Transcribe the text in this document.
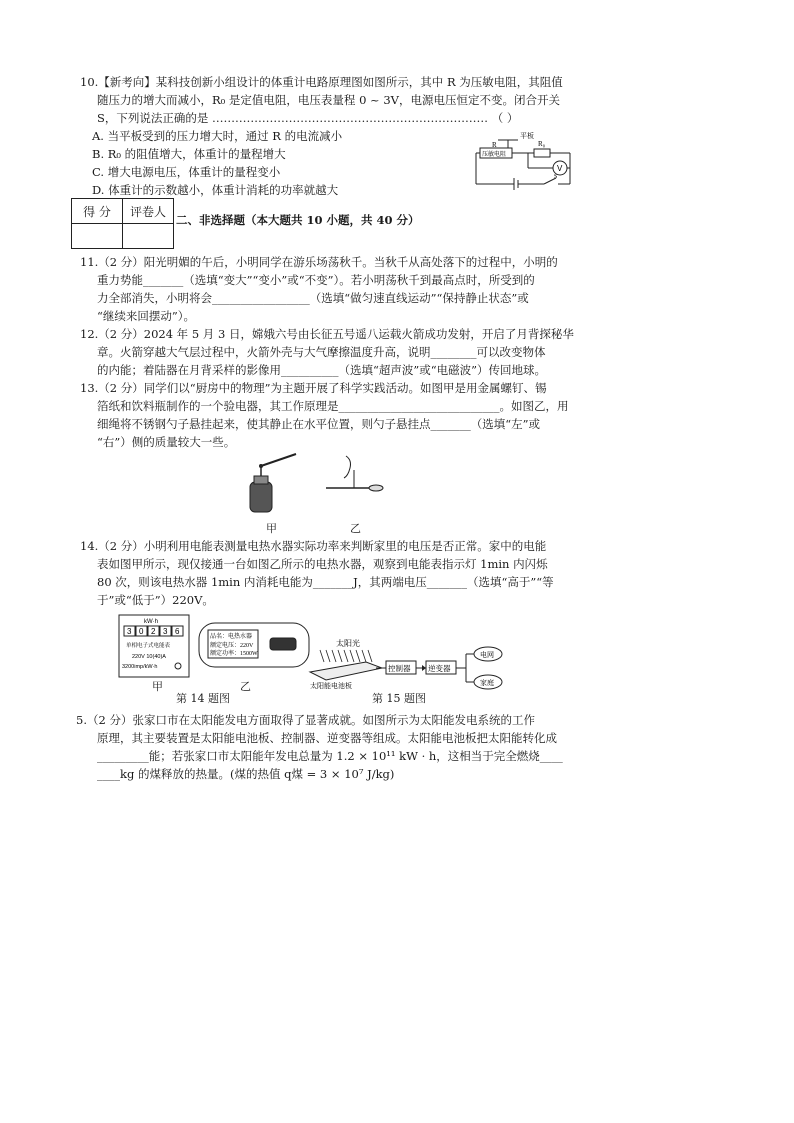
10.【新考向】某科技创新小组设计的体重计电路原理图如图所示，其中 R 为压敏电阻，其阻值
随压力的增大而减小，R₀ 是定值电阻，电压表量程 0 ~ 3V，电源电压恒定不变。闭合开关
S，下列说法正确的是 ……………………………………………………………… （ ）
A. 当平板受到的压力增大时，通过 R 的电流减小
B. R₀ 的阻值增大，体重计的量程增大
C. 增大电源电压，体重计的量程变小
D. 体重计的示数越小，体重计消耗的功率就越大
平板
R₀
R
压敏电阻
V
S
得 分	评卷人

二、非选择题（本大题共 10 小题，共 40 分）
11.（2 分）阳光明媚的午后，小明同学在游乐场荡秋千。当秋千从高处落下的过程中，小明的
重力势能_______（选填“变大”“变小”或“不变”）。若小明荡秋千到最高点时，所受到的
力全部消失，小明将会_________________（选填“做匀速直线运动”“保持静止状态”或
“继续来回摆动”）。
12.（2 分）2024 年 5 月 3 日，嫦娥六号由长征五号遥八运载火箭成功发射，开启了月背探秘华
章。火箭穿越大气层过程中，火箭外壳与大气摩擦温度升高，说明________可以改变物体
的内能；着陆器在月背采样的影像用__________（选填“超声波”或“电磁波”）传回地球。
13.（2 分）同学们以“厨房中的物理”为主题开展了科学实践活动。如图甲是用金属螺钉、锡
箔纸和饮料瓶制作的一个验电器，其工作原理是____________________________。如图乙，用
细绳将不锈钢勺子悬挂起来，使其静止在水平位置，则勺子悬挂点_______（选填“左”或
“右”）侧的质量较大一些。
甲	乙
14.（2 分）小明利用电能表测量电热水器实际功率来判断家里的电压是否正常。家中的电能
表如图甲所示，现仅接通一台如图乙所示的电热水器，观察到电能表指示灯 1min 内闪烁
80 次，则该电热水器 1min 内消耗电能为_______J，其两端电压_______（选填“高于”“等
于”或“低于”）220V。
kW·h
3 0 2 3 6
单相电子式电能表
220V 10(40)A
3200imp/kW·h
甲
品名：电热水器
额定电压：220V
额定功率：1500W
乙
第 14 题图
太阳光
太阳能电池板
控制器 逆变器
电网
家庭
第 15 题图
5.（2 分）张家口市在太阳能发电方面取得了显著成就。如图所示为太阳能发电系统的工作
原理，其主要装置是太阳能电池板、控制器、逆变器等组成。太阳能电池板把太阳能转化成
_________能；若张家口市太阳能年发电总量为 1.2 × 10¹¹ kW · h，这相当于完全燃烧____
____kg 的煤释放的热量。(煤的热值 q煤 = 3 × 10⁷ J/kg)
